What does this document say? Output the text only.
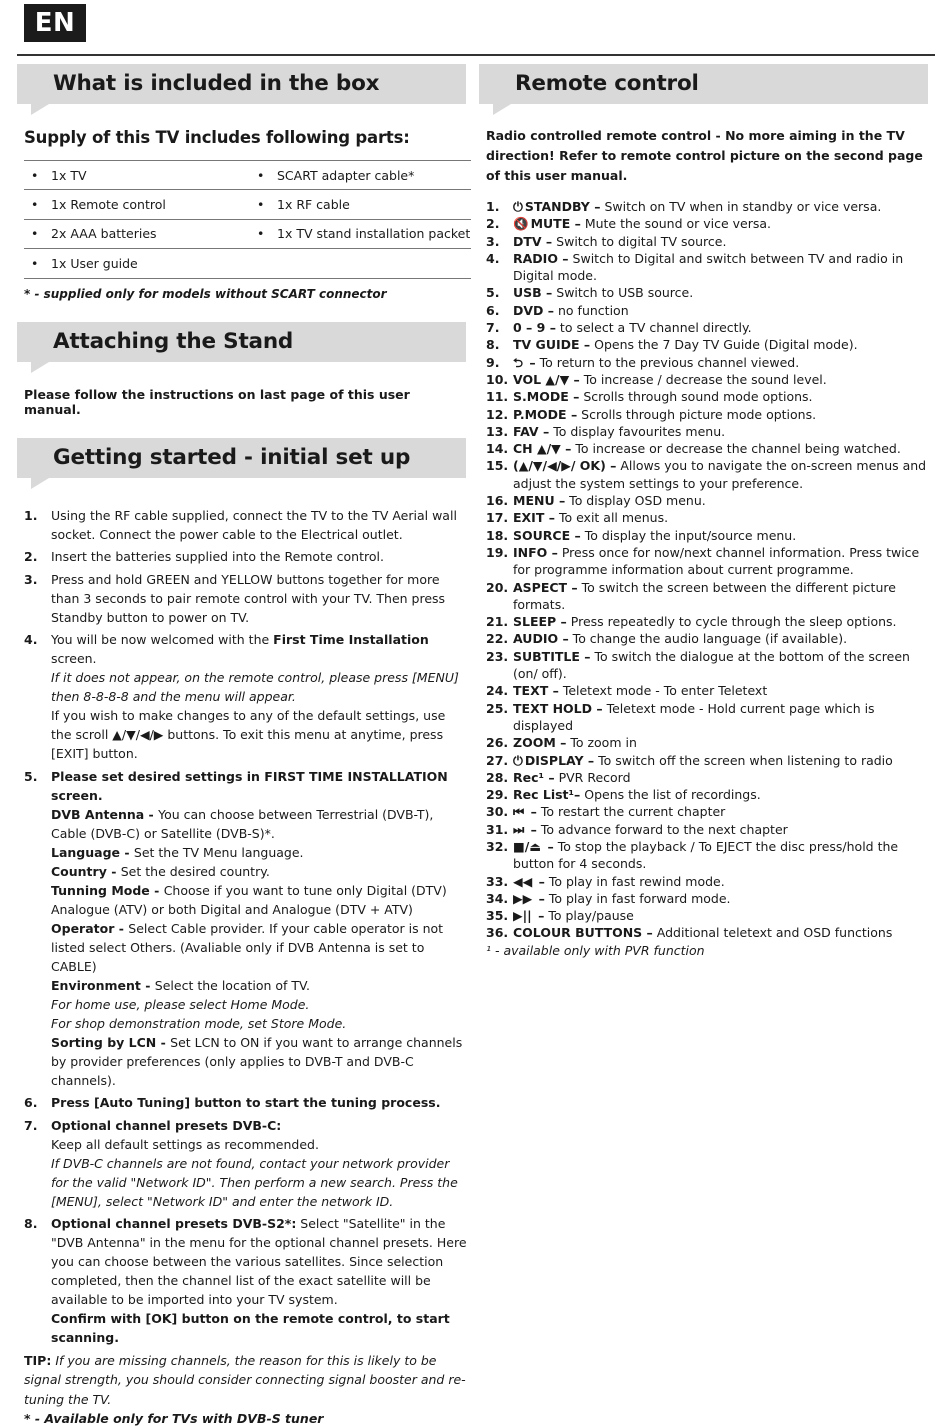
EN
What is included in the box
Supply of this TV includes following parts:
• 1x TV	• SCART adapter cable*
• 1x Remote control	• 1x RF cable
• 2x AAA batteries	• 1x TV stand installation packet
• 1x User guide	
* - supplied only for models without SCART connector
Attaching the Stand
Please follow the instructions on last page of this user manual.
Getting started - initial set up
1. Using the RF cable supplied, connect the TV to the TV Aerial wall socket. Connect the power cable to the Electrical outlet.
2. Insert the batteries supplied into the Remote control.
3. Press and hold GREEN and YELLOW buttons together for more than 3 seconds to pair remote control with your TV. Then press Standby button to power on TV.
4. You will be now welcomed with the First Time Installation screen.
If it does not appear, on the remote control, please press [MENU] then 8-8-8-8 and the menu will appear.
If you wish to make changes to any of the default settings, use the scroll ▲/▼/◀/▶ buttons. To exit this menu at anytime, press [EXIT] button.
5. Please set desired settings in FIRST TIME INSTALLATION screen.
DVB Antenna - You can choose between Terrestrial (DVB-T), Cable (DVB-C) or Satellite (DVB-S)*.
Language - Set the TV Menu language.
Country - Set the desired country.
Tunning Mode - Choose if you want to tune only Digital (DTV) Analogue (ATV) or both Digital and Analogue (DTV + ATV)
Operator - Select Cable provider. If your cable operator is not listed select Others. (Avaliable only if DVB Antenna is set to CABLE)
Environment - Select the location of TV.
For home use, please select Home Mode.
For shop demonstration mode, set Store Mode.
Sorting by LCN - Set LCN to ON if you want to arrange channels by provider preferences (only applies to DVB-T and DVB-C channels).
6. Press [Auto Tuning] button to start the tuning process.
7. Optional channel presets DVB-C:
Keep all default settings as recommended.
If DVB-C channels are not found, contact your network provider for the valid "Network ID". Then perform a new search. Press the [MENU], select "Network ID" and enter the network ID.
8. Optional channel presets DVB-S2*: Select "Satellite" in the "DVB Antenna" in the menu for the optional channel presets. Here you can choose between the various satellites. Since selection completed, then the channel list of the exact satellite will be available to be imported into your TV system.
Confirm with [OK] button on the remote control, to start scanning.
TIP: If you are missing channels, the reason for this is likely to be signal strength, you should consider connecting signal booster and re-tuning the TV.
* - Available only for TVs with DVB-S tuner
Remote control
Radio controlled remote control - No more aiming in the TV direction! Refer to remote control picture on the second page of this user manual.
1. ⏻ STANDBY – Switch on TV when in standby or vice versa.
2. 🔇 MUTE – Mute the sound or vice versa.
3. DTV – Switch to digital TV source.
4. RADIO – Switch to Digital and switch between TV and radio in Digital mode.
5. USB – Switch to USB source.
6. DVD – no function
7. 0 – 9 – to select a TV channel directly.
8. TV GUIDE – Opens the 7 Day TV Guide (Digital mode).
9. ⮌ – To return to the previous channel viewed.
10. VOL ▲/▼ – To increase / decrease the sound level.
11. S.MODE – Scrolls through sound mode options.
12. P.MODE – Scrolls through picture mode options.
13. FAV – To display favourites menu.
14. CH ▲/▼ – To increase or decrease the channel being watched.
15. (▲/▼/◀/▶/ OK) – Allows you to navigate the on-screen menus and adjust the system settings to your preference.
16. MENU – To display OSD menu.
17. EXIT – To exit all menus.
18. SOURCE – To display the input/source menu.
19. INFO – Press once for now/next channel information. Press twice for programme information about current programme.
20. ASPECT – To switch the screen between the different picture formats.
21. SLEEP – Press repeatedly to cycle through the sleep options.
22. AUDIO – To change the audio language (if available).
23. SUBTITLE – To switch the dialogue at the bottom of the screen (on/ off).
24. TEXT – Teletext mode - To enter Teletext
25. TEXT HOLD – Teletext mode - Hold current page which is displayed
26. ZOOM – To zoom in
27. ⏻ DISPLAY – To switch off the screen when listening to radio
28. Rec¹ – PVR Record
29. Rec List¹– Opens the list of recordings.
30. ⏮ – To restart the current chapter
31. ⏭ – To advance forward to the next chapter
32. ■/⏏ – To stop the playback / To EJECT the disc press/hold the button for 4 seconds.
33. ◀◀ – To play in fast rewind mode.
34. ▶▶ – To play in fast forward mode.
35. ▶|| – To play/pause
36. COLOUR BUTTONS – Additional teletext and OSD functions
¹ - available only with PVR function
